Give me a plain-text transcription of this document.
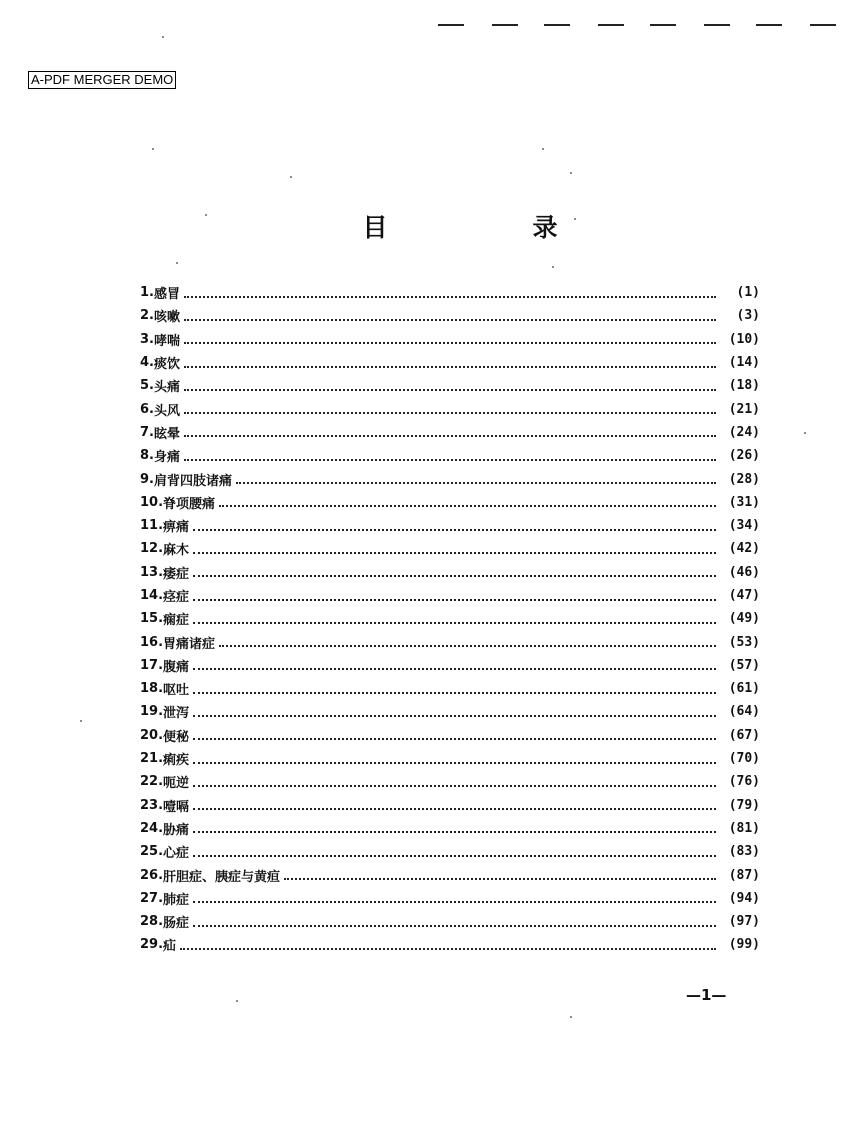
A-PDF MERGER DEMO
目	录
1. 感冒	(1)
2. 咳嗽	(3)
3. 哮喘	(10)
4. 痰饮	(14)
5. 头痛	(18)
6. 头风	(21)
7. 眩晕	(24)
8. 身痛	(26)
9. 肩背四肢诸痛	(28)
10. 脊项腰痛	(31)
11. 痹痛	(34)
12. 麻木	(42)
13. 痿症	(46)
14. 痉症	(47)
15. 痫症	(49)
16. 胃痛诸症	(53)
17. 腹痛	(57)
18. 呕吐	(61)
19. 泄泻	(64)
20. 便秘	(67)
21. 痢疾	(70)
22. 呃逆	(76)
23. 噎嗝	(79)
24. 胁痛	(81)
25. 心症	(83)
26. 肝胆症、胰症与黄疸	(87)
27. 肺症	(94)
28. 肠症	(97)
29. 疝	(99)
—1—
